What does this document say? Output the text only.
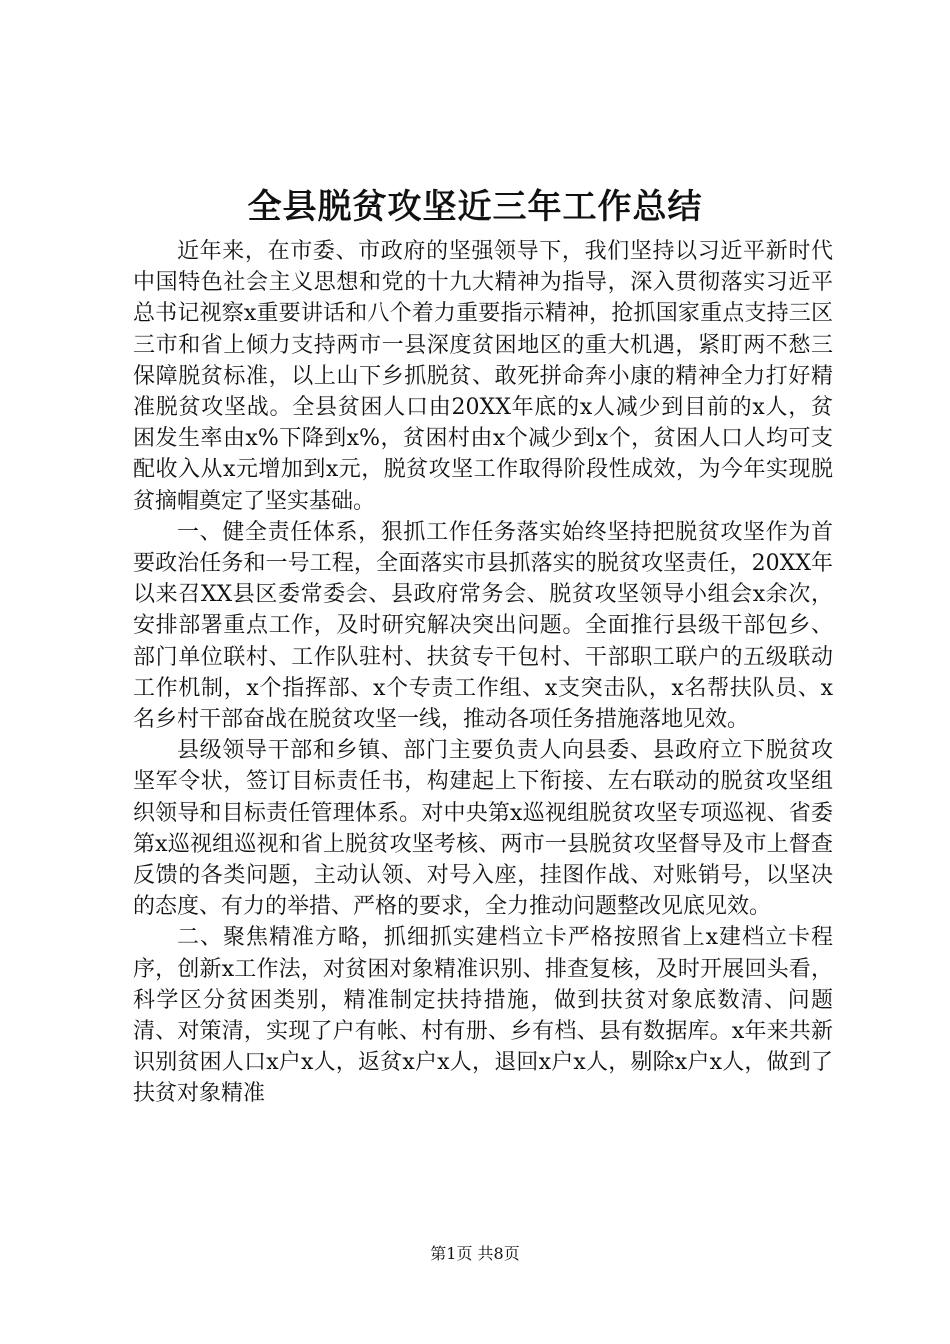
全县脱贫攻坚近三年工作总结

近年来，在市委、市政府的坚强领导下，我们坚持以习近平新时代中国特色社会主义思想和党的十九大精神为指导，深入贯彻落实习近平总书记视察x重要讲话和八个着力重要指示精神，抢抓国家重点支持三区三市和省上倾力支持两市一县深度贫困地区的重大机遇，紧盯两不愁三保障脱贫标准，以上山下乡抓脱贫、敢死拼命奔小康的精神全力打好精准脱贫攻坚战。全县贫困人口由20XX年底的x人减少到目前的x人，贫困发生率由x%下降到x%，贫困村由x个减少到x个，贫困人口人均可支配收入从x元增加到x元，脱贫攻坚工作取得阶段性成效，为今年实现脱贫摘帽奠定了坚实基础。

一、健全责任体系，狠抓工作任务落实始终坚持把脱贫攻坚作为首要政治任务和一号工程，全面落实市县抓落实的脱贫攻坚责任，20XX年以来召XX县区委常委会、县政府常务会、脱贫攻坚领导小组会x余次，安排部署重点工作，及时研究解决突出问题。全面推行县级干部包乡、部门单位联村、工作队驻村、扶贫专干包村、干部职工联户的五级联动工作机制，x个指挥部、x个专责工作组、x支突击队，x名帮扶队员、x名乡村干部奋战在脱贫攻坚一线，推动各项任务措施落地见效。

县级领导干部和乡镇、部门主要负责人向县委、县政府立下脱贫攻坚军令状，签订目标责任书，构建起上下衔接、左右联动的脱贫攻坚组织领导和目标责任管理体系。对中央第x巡视组脱贫攻坚专项巡视、省委第x巡视组巡视和省上脱贫攻坚考核、两市一县脱贫攻坚督导及市上督查反馈的各类问题，主动认领、对号入座，挂图作战、对账销号，以坚决的态度、有力的举措、严格的要求，全力推动问题整改见底见效。

二、聚焦精准方略，抓细抓实建档立卡严格按照省上x建档立卡程序，创新x工作法，对贫困对象精准识别、排查复核，及时开展回头看，科学区分贫困类别，精准制定扶持措施，做到扶贫对象底数清、问题清、对策清，实现了户有帐、村有册、乡有档、县有数据库。x年来共新识别贫困人口x户x人，返贫x户x人，退回x户x人，剔除x户x人，做到了扶贫对象精准

第1页 共8页
